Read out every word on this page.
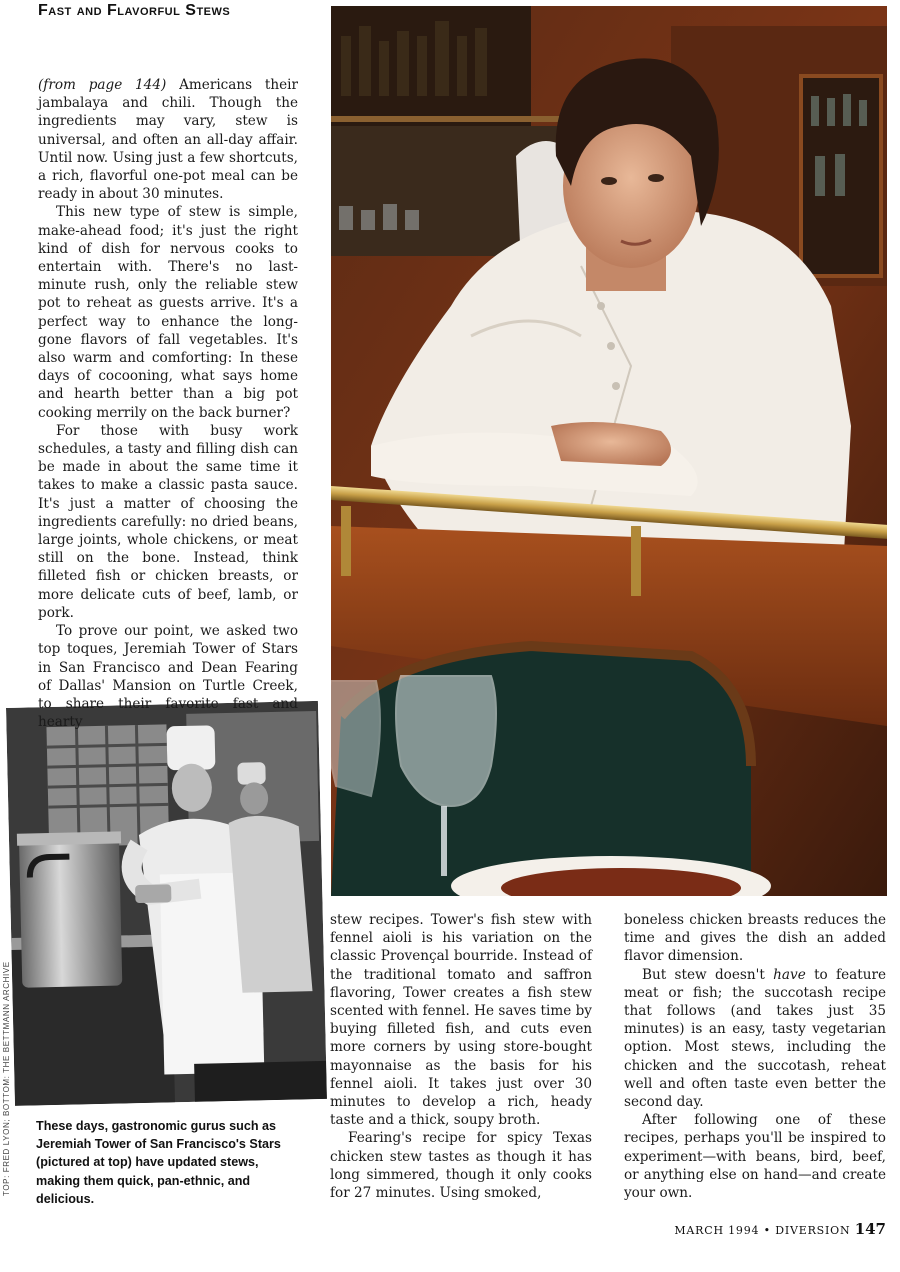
Fast and Flavorful Stews
These days, gastronomic gurus such as Jeremiah Tower of San Francisco's Stars (pictured at top) have updated stews, making them quick, pan-ethnic, and delicious.
TOP: FRED LYON; BOTTOM: THE BETTMANN ARCHIVE

(from page 144) Americans their jambalaya and chili. Though the ingredients may vary, stew is universal, and often an all-day affair. Until now. Using just a few shortcuts, a rich, flavorful one-pot meal can be ready in about 30 minutes.

This new type of stew is simple, make-ahead food; it's just the right kind of dish for nervous cooks to entertain with. There's no last-minute rush, only the reliable stew pot to reheat as guests arrive. It's a perfect way to enhance the long-gone flavors of fall vegetables. It's also warm and comforting: In these days of cocooning, what says home and hearth better than a big pot cooking merrily on the back burner?

For those with busy work schedules, a tasty and filling dish can be made in about the same time it takes to make a classic pasta sauce. It's just a matter of choosing the ingredients carefully: no dried beans, large joints, whole chickens, or meat still on the bone. Instead, think filleted fish or chicken breasts, or more delicate cuts of beef, lamb, or pork.

To prove our point, we asked two top toques, Jeremiah Tower of Stars in San Francisco and Dean Fearing of Dallas' Mansion on Turtle Creek, to share their favorite fast and hearty

stew recipes. Tower's fish stew with fennel aioli is his variation on the classic Provençal bourride. Instead of the traditional tomato and saffron flavoring, Tower creates a fish stew scented with fennel. He saves time by buying filleted fish, and cuts even more corners by using store-bought mayonnaise as the basis for his fennel aioli. It takes just over 30 minutes to develop a rich, heady taste and a thick, soupy broth.

Fearing's recipe for spicy Texas chicken stew tastes as though it has long simmered, though it only cooks for 27 minutes. Using smoked,

boneless chicken breasts reduces the time and gives the dish an added flavor dimension.

But stew doesn't have to feature meat or fish; the succotash recipe that follows (and takes just 35 minutes) is an easy, tasty vegetarian option. Most stews, including the chicken and the succotash, reheat well and often taste even better the second day.

After following one of these recipes, perhaps you'll be inspired to experiment—with beans, bird, beef, or anything else on hand—and create your own.

MARCH 1994 • DIVERSION 147
